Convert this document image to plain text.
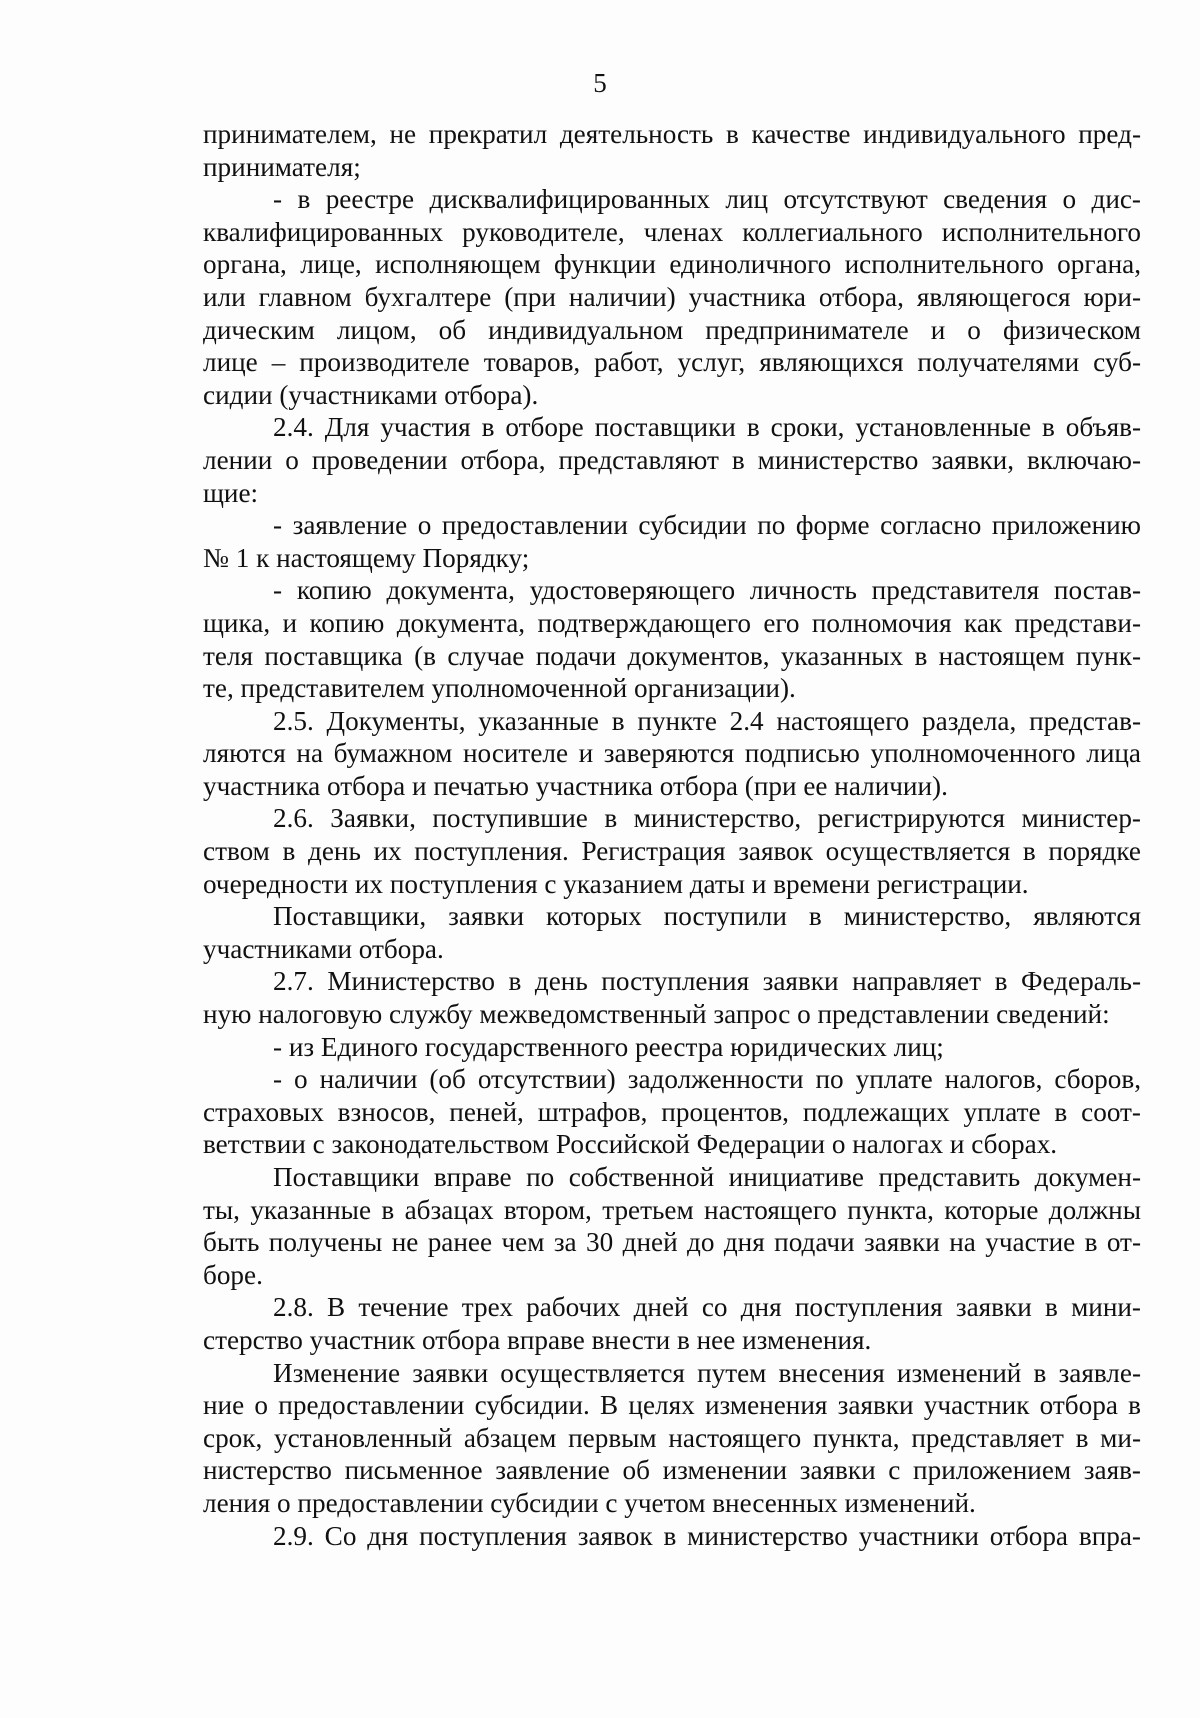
5

принимателем, не прекратил деятельность в качестве индивидуального пред-

принимателя;

- в реестре дисквалифицированных лиц отсутствуют сведения о дис-

квалифицированных руководителе, членах коллегиального исполнительного

органа, лице, исполняющем функции единоличного исполнительного органа,

или главном бухгалтере (при наличии) участника отбора, являющегося юри-

дическим лицом, об индивидуальном предпринимателе и о физическом

лице – производителе товаров, работ, услуг, являющихся получателями суб-

сидии (участниками отбора).

2.4. Для участия в отборе поставщики в сроки, установленные в объяв-

лении о проведении отбора, представляют в министерство заявки, включаю-

щие:

- заявление о предоставлении субсидии по форме согласно приложению

№ 1 к настоящему Порядку;

- копию документа, удостоверяющего личность представителя постав-

щика, и копию документа, подтверждающего его полномочия как представи-

теля поставщика (в случае подачи документов, указанных в настоящем пунк-

те, представителем уполномоченной организации).

2.5. Документы, указанные в пункте 2.4 настоящего раздела, представ-

ляются на бумажном носителе и заверяются подписью уполномоченного лица

участника отбора и печатью участника отбора (при ее наличии).

2.6. Заявки, поступившие в министерство, регистрируются министер-

ством в день их поступления. Регистрация заявок осуществляется в порядке

очередности их поступления с указанием даты и времени регистрации.

Поставщики, заявки которых поступили в министерство, являются

участниками отбора.

2.7. Министерство в день поступления заявки направляет в Федераль-

ную налоговую службу межведомственный запрос о представлении сведений:

- из Единого государственного реестра юридических лиц;

- о наличии (об отсутствии) задолженности по уплате налогов, сборов,

страховых взносов, пеней, штрафов, процентов, подлежащих уплате в соот-

ветствии с законодательством Российской Федерации о налогах и сборах.

Поставщики вправе по собственной инициативе представить докумен-

ты, указанные в абзацах втором, третьем настоящего пункта, которые должны

быть получены не ранее чем за 30 дней до дня подачи заявки на участие в от-

боре.

2.8. В течение трех рабочих дней со дня поступления заявки в мини-

стерство участник отбора вправе внести в нее изменения.

Изменение заявки осуществляется путем внесения изменений в заявле-

ние о предоставлении субсидии. В целях изменения заявки участник отбора в

срок, установленный абзацем первым настоящего пункта, представляет в ми-

нистерство письменное заявление об изменении заявки с приложением заяв-

ления о предоставлении субсидии с учетом внесенных изменений.

2.9. Со дня поступления заявок в министерство участники отбора впра-
